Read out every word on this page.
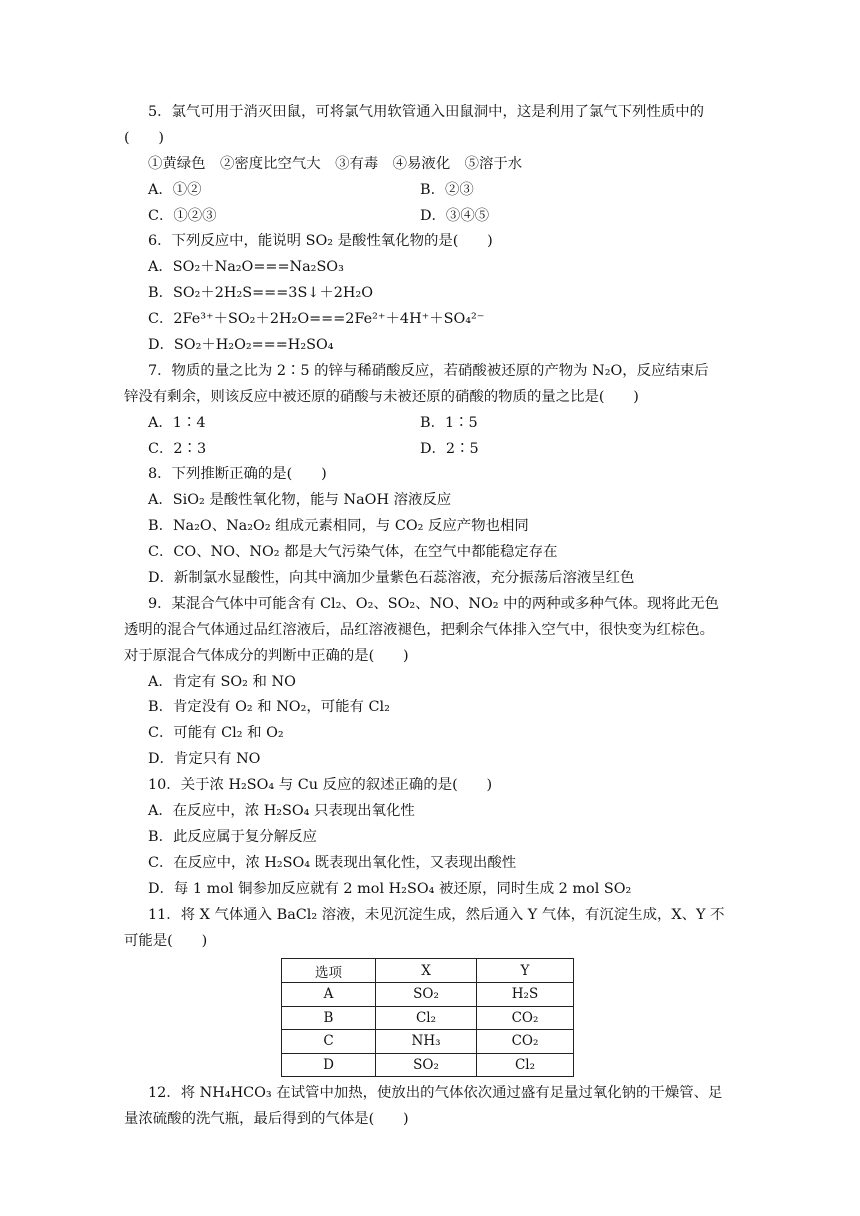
5．氯气可用于消灭田鼠，可将氯气用软管通入田鼠洞中，这是利用了氯气下列性质中的
(　　)
①黄绿色　②密度比空气大　③有毒　④易液化　⑤溶于水
A．①②	B．②③
C．①②③	D．③④⑤
6．下列反应中，能说明 SO₂ 是酸性氧化物的是(　　)
A．SO₂＋Na₂O===Na₂SO₃
B．SO₂＋2H₂S===3S↓＋2H₂O
C．2Fe³⁺＋SO₂＋2H₂O===2Fe²⁺＋4H⁺＋SO₄²⁻
D．SO₂＋H₂O₂===H₂SO₄
7．物质的量之比为 2∶5 的锌与稀硝酸反应，若硝酸被还原的产物为 N₂O，反应结束后
锌没有剩余，则该反应中被还原的硝酸与未被还原的硝酸的物质的量之比是(　　)
A．1∶4	B．1∶5
C．2∶3	D．2∶5
8．下列推断正确的是(　　)
A．SiO₂ 是酸性氧化物，能与 NaOH 溶液反应
B．Na₂O、Na₂O₂ 组成元素相同，与 CO₂ 反应产物也相同
C．CO、NO、NO₂ 都是大气污染气体，在空气中都能稳定存在
D．新制氯水显酸性，向其中滴加少量紫色石蕊溶液，充分振荡后溶液呈红色
9．某混合气体中可能含有 Cl₂、O₂、SO₂、NO、NO₂ 中的两种或多种气体。现将此无色
透明的混合气体通过品红溶液后，品红溶液褪色，把剩余气体排入空气中，很快变为红棕色。
对于原混合气体成分的判断中正确的是(　　)
A．肯定有 SO₂ 和 NO
B．肯定没有 O₂ 和 NO₂，可能有 Cl₂
C．可能有 Cl₂ 和 O₂
D．肯定只有 NO
10．关于浓 H₂SO₄ 与 Cu 反应的叙述正确的是(　　)
A．在反应中，浓 H₂SO₄ 只表现出氧化性
B．此反应属于复分解反应
C．在反应中，浓 H₂SO₄ 既表现出氧化性，又表现出酸性
D．每 1 mol 铜参加反应就有 2 mol H₂SO₄ 被还原，同时生成 2 mol SO₂
11．将 X 气体通入 BaCl₂ 溶液，未见沉淀生成，然后通入 Y 气体，有沉淀生成，X、Y 不
可能是(　　)
选项	X	Y
A	SO₂	H₂S
B	Cl₂	CO₂
C	NH₃	CO₂
D	SO₂	Cl₂
12．将 NH₄HCO₃ 在试管中加热，使放出的气体依次通过盛有足量过氧化钠的干燥管、足
量浓硫酸的洗气瓶，最后得到的气体是(　　)
